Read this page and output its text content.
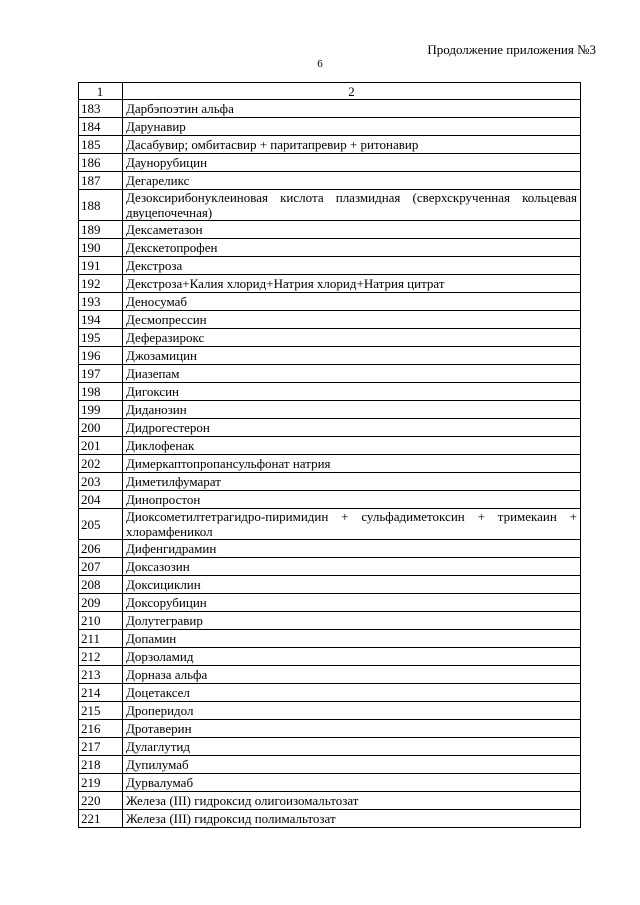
Продолжение приложения №3
6
1	2
183	Дарбэпоэтин альфа
184	Дарунавир
185	Дасабувир; омбитасвир + паритапревир + ритонавир
186	Даунорубицин
187	Дегареликс
188	Дезоксирибонуклеиновая кислота плазмидная (сверхскрученная кольцевая двуцепочечная)
189	Дексаметазон
190	Декскетопрофен
191	Декстроза
192	Декстроза+Калия хлорид+Натрия хлорид+Натрия цитрат
193	Деносумаб
194	Десмопрессин
195	Деферазирокс
196	Джозамицин
197	Диазепам
198	Дигоксин
199	Диданозин
200	Дидрогестерон
201	Диклофенак
202	Димеркаптопропансульфонат натрия
203	Диметилфумарат
204	Динопростон
205	Диоксометилтетрагидро-пиримидин + сульфадиметоксин + тримекаин + хлорамфеникол
206	Дифенгидрамин
207	Доксазозин
208	Доксициклин
209	Доксорубицин
210	Долутегравир
211	Допамин
212	Дорзоламид
213	Дорназа альфа
214	Доцетаксел
215	Дроперидол
216	Дротаверин
217	Дулаглутид
218	Дупилумаб
219	Дурвалумаб
220	Железа (III) гидроксид олигоизомальтозат
221	Железа (III) гидроксид полимальтозат
